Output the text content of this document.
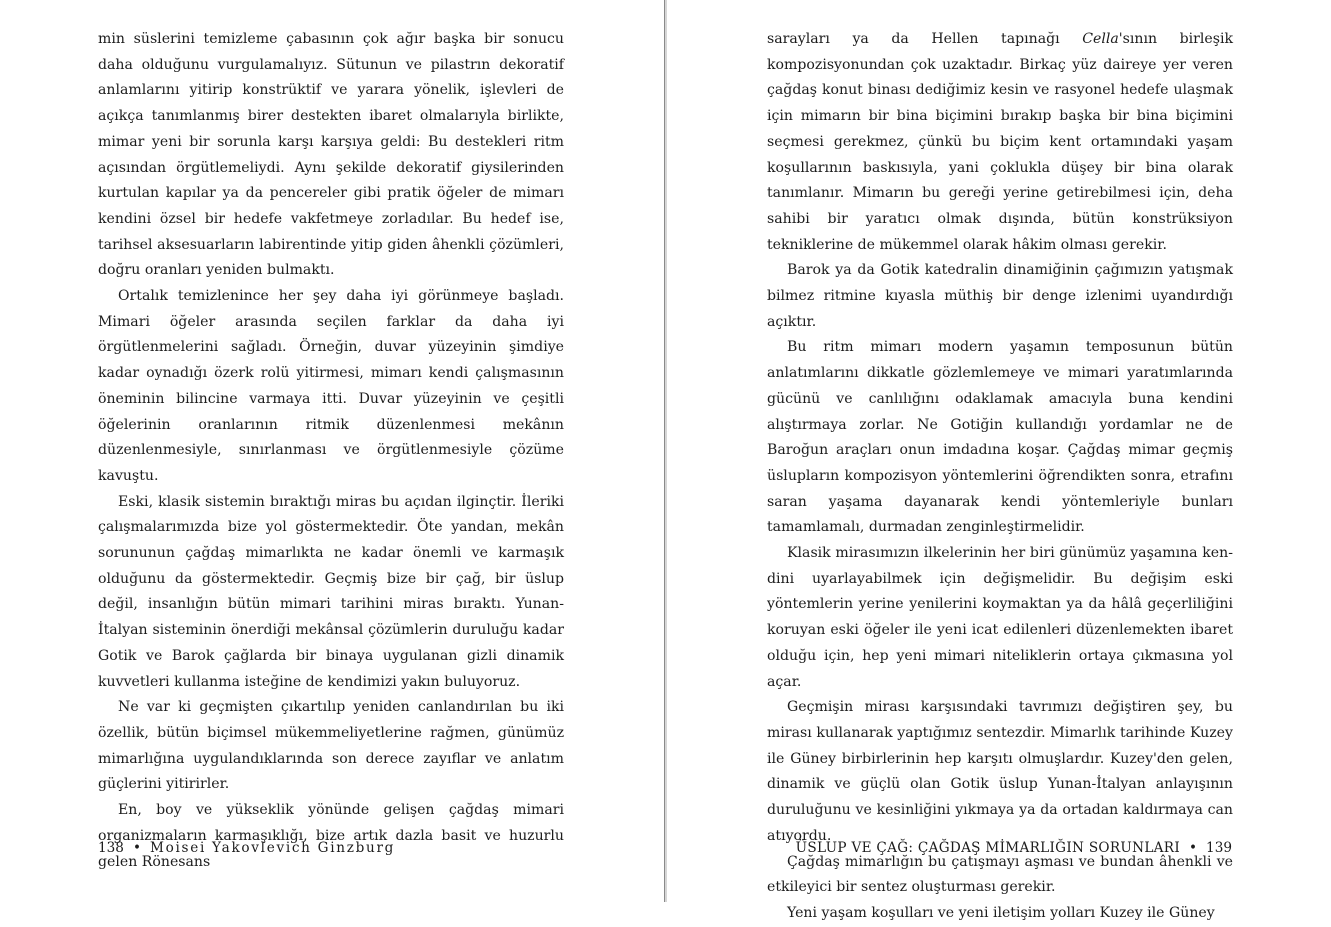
min süslerini temizleme çabasının çok ağır başka bir sonucu daha olduğunu vurgulamalıyız. Sütunun ve pilastrın dekoratif anlamlarını yitirip konstrüktif ve yarara yönelik, işlevleri de açıkça tanımlanmış birer destekten ibaret olmalarıyla birlikte, mimar yeni bir sorunla karşı karşıya geldi: Bu destekleri ritm açısından örgütlemeliydi. Aynı şekilde dekoratif giysilerinden kurtulan kapılar ya da pencereler gibi pratik öğeler de mimarı kendini özsel bir hedefe vakfetmeye zorladılar. Bu hedef ise, tarihsel aksesuarların labirentinde yitip giden âhenkli çözümleri, doğru oranları yeniden bulmaktı.

Ortalık temizlenince her şey daha iyi görünmeye başladı. Mimari öğeler arasında seçilen farklar da daha iyi örgütlenmelerini sağladı. Örneğin, duvar yüzeyinin şimdiye kadar oynadığı özerk rolü yitirmesi, mimarı kendi çalışmasının öneminin bilincine varmaya itti. Duvar yüzeyinin ve çeşitli öğelerinin oranlarının ritmik düzenlenmesi mekânın düzenlenmesiyle, sınırlanması ve örgütlenmesiyle çözüme kavuştu.

Eski, klasik sistemin bıraktığı miras bu açıdan ilginçtir. İleriki çalışmalarımızda bize yol göstermektedir. Öte yandan, mekân sorununun çağdaş mimarlıkta ne kadar önemli ve karmaşık olduğunu da göstermektedir. Geçmiş bize bir çağ, bir üslup değil, insanlığın bütün mimari tarihini miras bıraktı. Yunan-İtalyan sisteminin önerdiği mekânsal çözümlerin duruluğu kadar Gotik ve Barok çağlarda bir binaya uygulanan gizli dinamik kuvvetleri kullanma isteğine de kendimizi yakın buluyoruz.

Ne var ki geçmişten çıkartılıp yeniden canlandırılan bu iki özellik, bütün biçimsel mükemmeliyetlerine rağmen, günümüz mimarlığına uygulandıklarında son derece zayıflar ve anlatım güçlerini yitirirler.

En, boy ve yükseklik yönünde gelişen çağdaş mimari organizmaların karmaşıklığı, bize artık dazla basit ve huzurlu gelen Rönesans

sarayları ya da Hellen tapınağı Cella'sının birleşik kompozisyonundan çok uzaktadır. Birkaç yüz daireye yer veren çağdaş konut binası dediğimiz kesin ve rasyonel hedefe ulaşmak için mimarın bir bina biçimini bırakıp başka bir bina biçimini seçmesi gerekmez, çünkü bu biçim kent ortamındaki yaşam koşullarının baskısıyla, yani çoklukla düşey bir bina olarak tanımlanır. Mimarın bu gereği yerine getirebilmesi için, deha sahibi bir yaratıcı olmak dışında, bütün konstrüksiyon tekniklerine de mükemmel olarak hâkim olması gerekir.

Barok ya da Gotik katedralin dinamiğinin çağımızın yatışmak bilmez ritmine kıyasla müthiş bir denge izlenimi uyandırdığı açıktır.

Bu ritm mimarı modern yaşamın temposunun bütün anlatımlarını dikkatle gözlemlemeye ve mimari yaratımlarında gücünü ve canlılığını odaklamak amacıyla buna kendini alıştırmaya zorlar. Ne Gotiğin kullandığı yordamlar ne de Baroğun araçları onun imdadına koşar. Çağdaş mimar geçmiş üslupların kompozisyon yöntemlerini öğrendikten sonra, etrafını saran yaşama dayanarak kendi yöntemleriyle bunları tamamlamalı, durmadan zenginleştirmelidir.

Klasik mirasımızın ilkelerinin her biri günümüz yaşamına kendini uyarlayabilmek için değişmelidir. Bu değişim eski yöntemlerin yerine yenilerini koymaktan ya da hâlâ geçerliliğini koruyan eski öğeler ile yeni icat edilenleri düzenlemekten ibaret olduğu için, hep yeni mimari niteliklerin ortaya çıkmasına yol açar.

Geçmişin mirası karşısındaki tavrımızı değiştiren şey, bu mirası kullanarak yaptığımız sentezdir. Mimarlık tarihinde Kuzey ile Güney birbirlerinin hep karşıtı olmuşlardır. Kuzey'den gelen, dinamik ve güçlü olan Gotik üslup Yunan-İtalyan anlayışının duruluğunu ve kesinliğini yıkmaya ya da ortadan kaldırmaya can atıyordu.

Çağdaş mimarlığın bu çatışmayı aşması ve bundan âhenkli ve etkileyici bir sentez oluşturması gerekir.

Yeni yaşam koşulları ve yeni iletişim yolları Kuzey ile Güney

138 • Moisei Yakovlevich Ginzburg	ÜSLUP VE ÇAĞ: ÇAĞDAŞ MİMARLIĞIN SORUNLARI • 139
